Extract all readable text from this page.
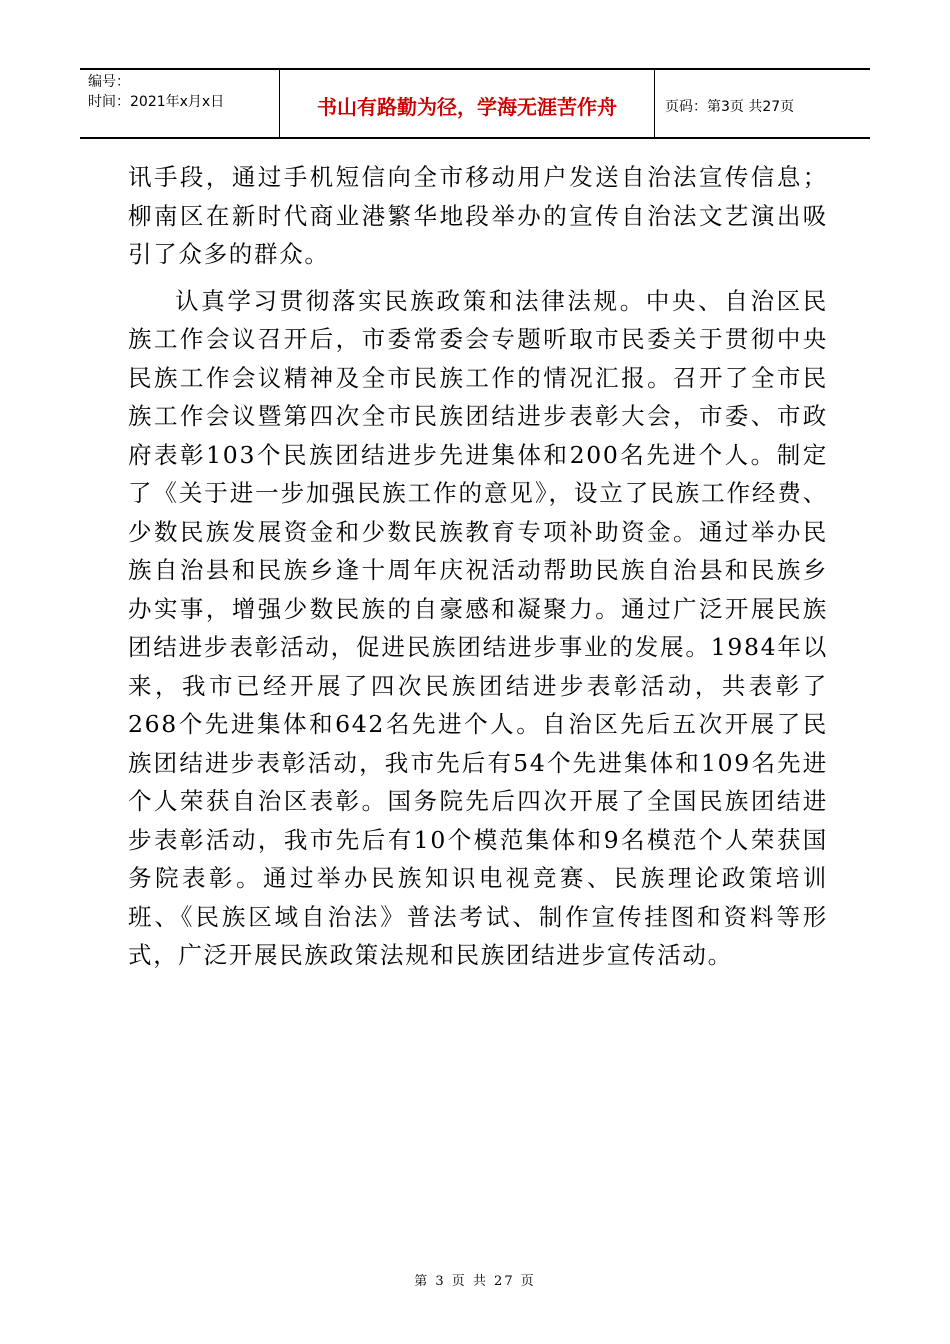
编号：
时间：2021年x月x日	书山有路勤为径，学海无涯苦作舟	页码：第3页 共27页

讯手段，通过手机短信向全市移动用户发送自治法宣传信息；柳南区在新时代商业港繁华地段举办的宣传自治法文艺演出吸引了众多的群众。

认真学习贯彻落实民族政策和法律法规。中央、自治区民族工作会议召开后，市委常委会专题听取市民委关于贯彻中央民族工作会议精神及全市民族工作的情况汇报。召开了全市民族工作会议暨第四次全市民族团结进步表彰大会，市委、市政府表彰103个民族团结进步先进集体和200名先进个人。制定了《关于进一步加强民族工作的意见》，设立了民族工作经费、少数民族发展资金和少数民族教育专项补助资金。通过举办民族自治县和民族乡逢十周年庆祝活动帮助民族自治县和民族乡办实事，增强少数民族的自豪感和凝聚力。通过广泛开展民族团结进步表彰活动，促进民族团结进步事业的发展。1984年以来，我市已经开展了四次民族团结进步表彰活动，共表彰了268个先进集体和642名先进个人。自治区先后五次开展了民族团结进步表彰活动，我市先后有54个先进集体和109名先进个人荣获自治区表彰。国务院先后四次开展了全国民族团结进步表彰活动，我市先后有10个模范集体和9名模范个人荣获国务院表彰。通过举办民族知识电视竞赛、民族理论政策培训班、《民族区域自治法》普法考试、制作宣传挂图和资料等形式，广泛开展民族政策法规和民族团结进步宣传活动。

第 3 页 共 27 页
